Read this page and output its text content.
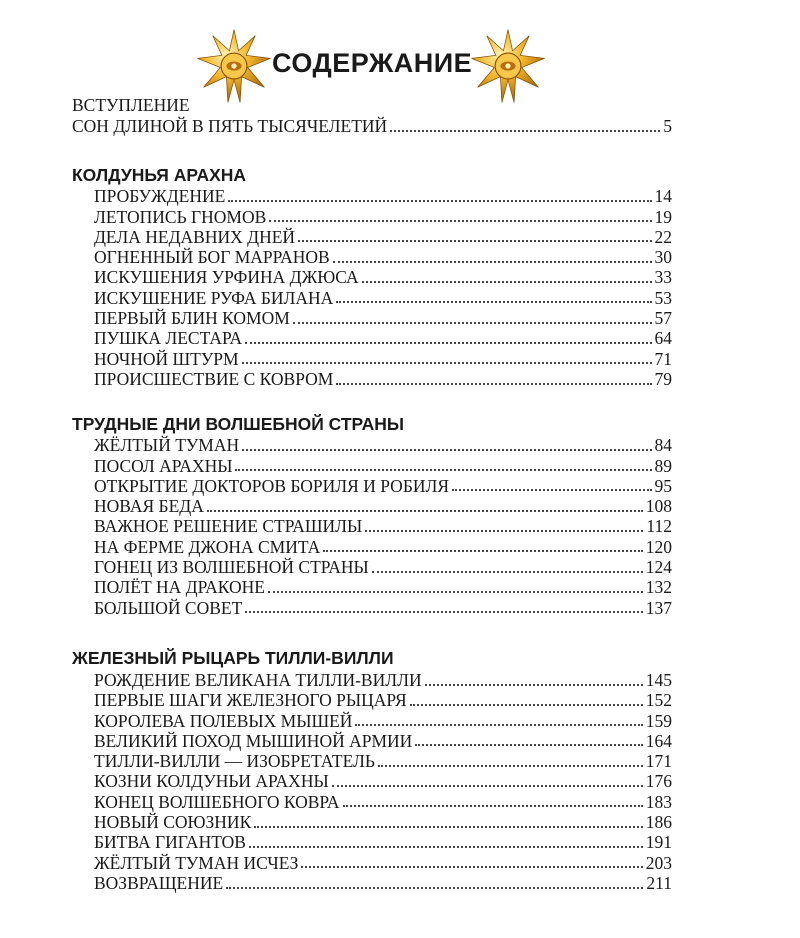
СОДЕРЖАНИЕ
ВСТУПЛЕНИЕ
СОН ДЛИНОЙ В ПЯТЬ ТЫСЯЧЕЛЕТИЙ	5
КОЛДУНЬЯ АРАХНА
ПРОБУЖДЕНИЕ	14
ЛЕТОПИСЬ ГНОМОВ	19
ДЕЛА НЕДАВНИХ ДНЕЙ	22
ОГНЕННЫЙ БОГ МАРРАНОВ	30
ИСКУШЕНИЯ УРФИНА ДЖЮСА	33
ИСКУШЕНИЕ РУФА БИЛАНА	53
ПЕРВЫЙ БЛИН КОМОМ	57
ПУШКА ЛЕСТАРА	64
НОЧНОЙ ШТУРМ	71
ПРОИСШЕСТВИЕ С КОВРОМ	79
ТРУДНЫЕ ДНИ ВОЛШЕБНОЙ СТРАНЫ
ЖЁЛТЫЙ ТУМАН	84
ПОСОЛ АРАХНЫ	89
ОТКРЫТИЕ ДОКТОРОВ БОРИЛЯ И РОБИЛЯ	95
НОВАЯ БЕДА	108
ВАЖНОЕ РЕШЕНИЕ СТРАШИЛЫ	112
НА ФЕРМЕ ДЖОНА СМИТА	120
ГОНЕЦ ИЗ ВОЛШЕБНОЙ СТРАНЫ	124
ПОЛЁТ НА ДРАКОНЕ	132
БОЛЬШОЙ СОВЕТ	137
ЖЕЛЕЗНЫЙ РЫЦАРЬ ТИЛЛИ-ВИЛЛИ
РОЖДЕНИЕ ВЕЛИКАНА ТИЛЛИ-ВИЛЛИ	145
ПЕРВЫЕ ШАГИ ЖЕЛЕЗНОГО РЫЦАРЯ	152
КОРОЛЕВА ПОЛЕВЫХ МЫШЕЙ	159
ВЕЛИКИЙ ПОХОД МЫШИНОЙ АРМИИ	164
ТИЛЛИ-ВИЛЛИ — ИЗОБРЕТАТЕЛЬ	171
КОЗНИ КОЛДУНЬИ АРАХНЫ	176
КОНЕЦ ВОЛШЕБНОГО КОВРА	183
НОВЫЙ СОЮЗНИК	186
БИТВА ГИГАНТОВ	191
ЖЁЛТЫЙ ТУМАН ИСЧЕЗ	203
ВОЗВРАЩЕНИЕ	211
